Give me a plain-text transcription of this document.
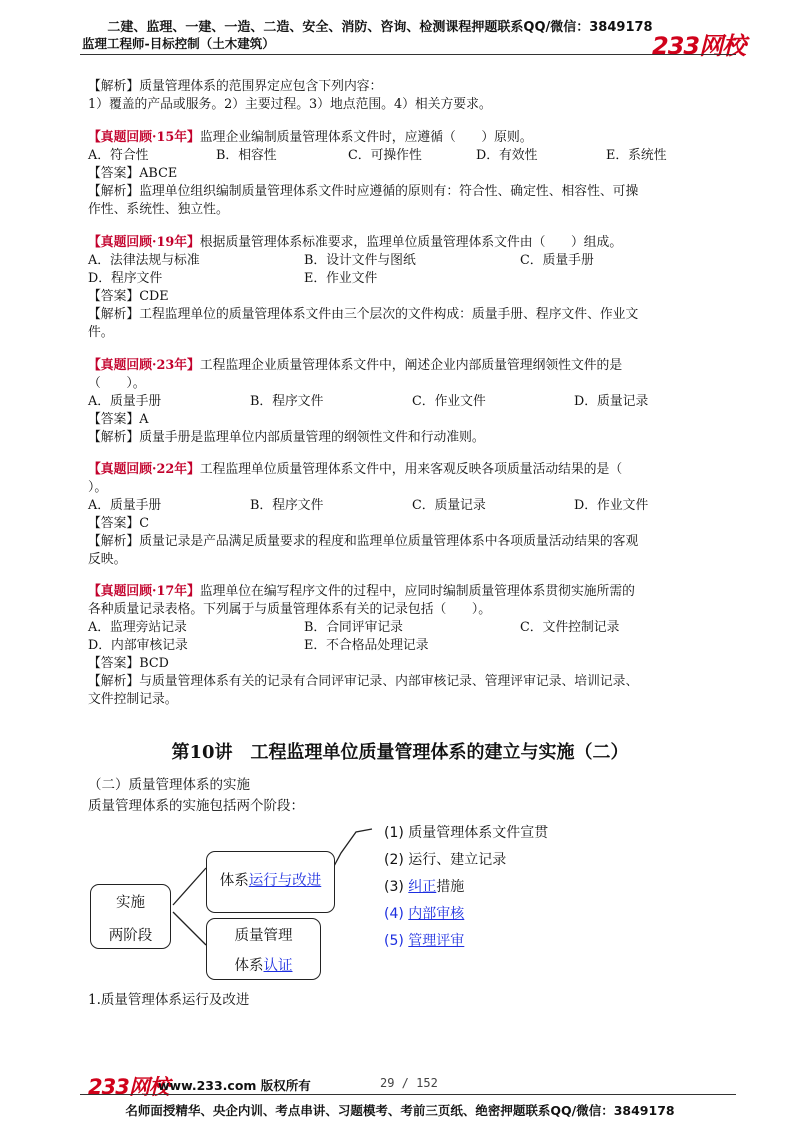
二建、监理、一建、一造、二造、安全、消防、咨询、检测课程押题联系QQ/微信：3849178
监理工程师-目标控制（土木建筑）	233网校
【解析】质量管理体系的范围界定应包含下列内容：
1）覆盖的产品或服务。2）主要过程。3）地点范围。4）相关方要求。
【真题回顾·15年】监理企业编制质量管理体系文件时，应遵循（　　）原则。
A．符合性	B．相容性	C．可操作性	D．有效性	E．系统性
【答案】ABCE
【解析】监理单位组织编制质量管理体系文件时应遵循的原则有：符合性、确定性、相容性、可操
作性、系统性、独立性。
【真题回顾·19年】根据质量管理体系标准要求，监理单位质量管理体系文件由（　　）组成。
A．法律法规与标准	B．设计文件与图纸	C．质量手册
D．程序文件	E．作业文件
【答案】CDE
【解析】工程监理单位的质量管理体系文件由三个层次的文件构成：质量手册、程序文件、作业文
件。
【真题回顾·23年】工程监理企业质量管理体系文件中，阐述企业内部质量管理纲领性文件的是
（　　）。
A．质量手册	B．程序文件	C．作业文件	D．质量记录
【答案】A
【解析】质量手册是监理单位内部质量管理的纲领性文件和行动准则。
【真题回顾·22年】工程监理单位质量管理体系文件中，用来客观反映各项质量活动结果的是（
）。
A．质量手册	B．程序文件	C．质量记录	D．作业文件
【答案】C
【解析】质量记录是产品满足质量要求的程度和监理单位质量管理体系中各项质量活动结果的客观
反映。
【真题回顾·17年】监理单位在编写程序文件的过程中，应同时编制质量管理体系贯彻实施所需的
各种质量记录表格。下列属于与质量管理体系有关的记录包括（　　）。
A．监理旁站记录	B．合同评审记录	C．文件控制记录
D．内部审核记录	E．不合格品处理记录
【答案】BCD
【解析】与质量管理体系有关的记录有合同评审记录、内部审核记录、管理评审记录、培训记录、
文件控制记录。
第10讲　工程监理单位质量管理体系的建立与实施（二）
（二）质量管理体系的实施
质量管理体系的实施包括两个阶段：
实施
两阶段
体系运行与改进
质量管理
体系认证
(1) 质量管理体系文件宣贯
(2) 运行、建立记录
(3) 纠正措施
(4) 内部审核
(5) 管理评审
1.质量管理体系运行及改进
233网校
www.233.com 版权所有	29 / 152
名师面授精华、央企内训、考点串讲、习题模考、考前三页纸、绝密押题联系QQ/微信：3849178
